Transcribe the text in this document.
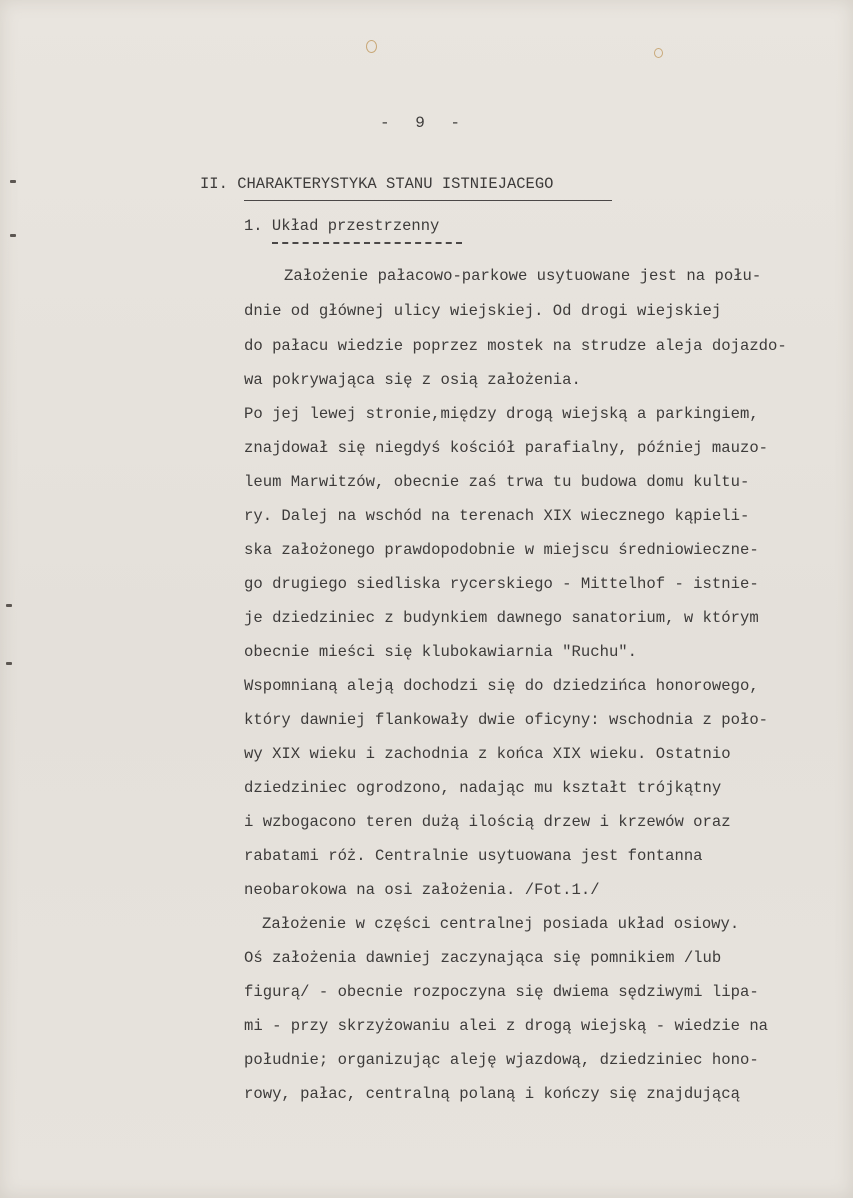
- 9 -
II. CHARAKTERYSTYKA STANU ISTNIEJACEGO
1. Układ przestrzenny
Założenie pałacowo-parkowe usytuowane jest na połu-
dnie od głównej ulicy wiejskiej. Od drogi wiejskiej
do pałacu wiedzie poprzez mostek na strudze aleja dojazdo-
wa pokrywająca się z osią założenia.
Po jej lewej stronie,między drogą wiejską a parkingiem,
znajdował się niegdyś kościół parafialny, później mauzo-
leum Marwitzów, obecnie zaś trwa tu budowa domu kultu-
ry. Dalej na wschód na terenach XIX wiecznego kąpieli-
ska założonego prawdopodobnie w miejscu średniowieczne-
go drugiego siedliska rycerskiego - Mittelhof - istnie-
je dziedziniec z budynkiem dawnego sanatorium, w którym
obecnie mieści się klubokawiarnia "Ruchu".
Wspomnianą aleją dochodzi się do dziedzińca honorowego,
który dawniej flankowały dwie oficyny: wschodnia z poło-
wy XIX wieku i zachodnia z końca XIX wieku. Ostatnio
dziedziniec ogrodzono, nadając mu kształt trójkątny
i wzbogacono teren dużą ilością drzew i krzewów oraz
rabatami róż. Centralnie usytuowana jest fontanna
neobarokowa na osi założenia. /Fot.1./
Założenie w części centralnej posiada układ osiowy.
Oś założenia dawniej zaczynająca się pomnikiem /lub
figurą/ - obecnie rozpoczyna się dwiema sędziwymi lipa-
mi - przy skrzyżowaniu alei z drogą wiejską - wiedzie na
południe; organizując aleję wjazdową, dziedziniec hono-
rowy, pałac, centralną polaną i kończy się znajdującą
